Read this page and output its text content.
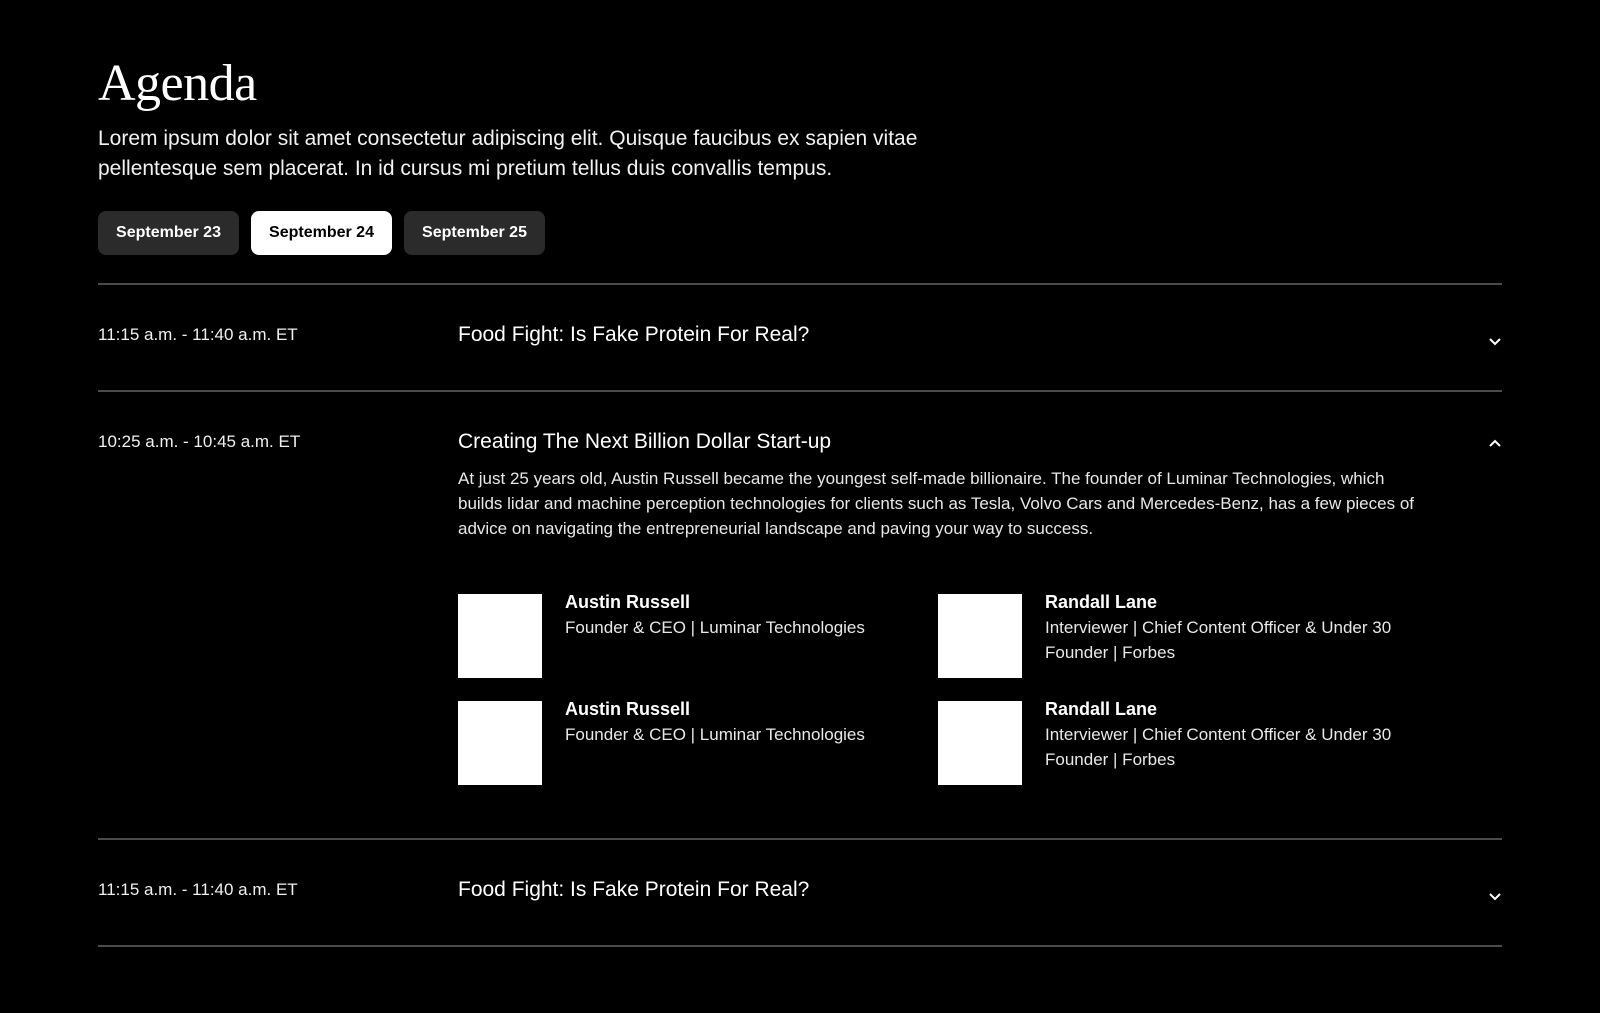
Agenda

Lorem ipsum dolor sit amet consectetur adipiscing elit. Quisque faucibus ex sapien vitae pellentesque sem placerat. In id cursus mi pretium tellus duis convallis tempus.

September 23	September 24	September 25
11:15 a.m. - 11:40 a.m. ET	Food Fight: Is Fake Protein For Real?
10:25 a.m. - 10:45 a.m. ET	Creating The Next Billion Dollar Start-up

At just 25 years old, Austin Russell became the youngest self-made billionaire. The founder of Luminar Technologies, which builds lidar and machine perception technologies for clients such as Tesla, Volvo Cars and Mercedes-Benz, has a few pieces of advice on navigating the entrepreneurial landscape and paving your way to success.

Austin Russell
Founder & CEO | Luminar Technologies
Randall Lane
Interviewer | Chief Content Officer & Under 30 Founder | Forbes
Austin Russell
Founder & CEO | Luminar Technologies
Randall Lane
Interviewer | Chief Content Officer & Under 30 Founder | Forbes
11:15 a.m. - 11:40 a.m. ET	Food Fight: Is Fake Protein For Real?
